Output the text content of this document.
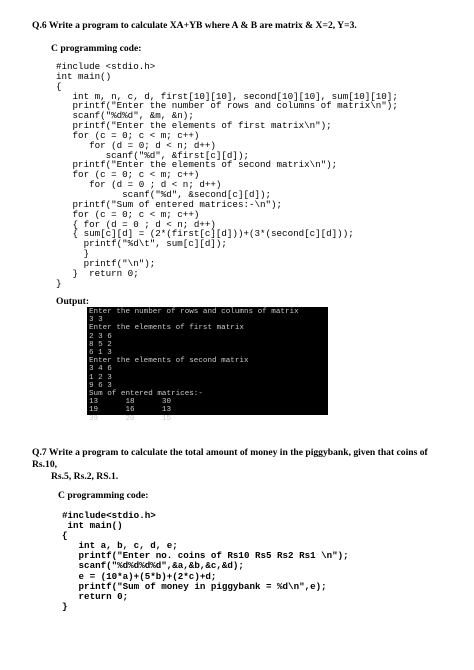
Q.6 Write a program to calculate XA+YB where A & B are matrix & X=2, Y=3.
C programming code:
#include <stdio.h>
int main()
{
int m, n, c, d, first[10][10], second[10][10], sum[10][10];
printf("Enter the number of rows and columns of matrix\n");
scanf("%d%d", &m, &n);
printf("Enter the elements of first matrix\n");
for (c = 0; c < m; c++)
for (d = 0; d < n; d++)
scanf("%d", &first[c][d]);
printf("Enter the elements of second matrix\n");
for (c = 0; c < m; c++)
for (d = 0 ; d < n; d++)
scanf("%d", &second[c][d]);
printf("Sum of entered matrices:-\n");
for (c = 0; c < m; c++)
{ for (d = 0 ; d < n; d++)
{ sum[c][d] = (2*(first[c][d]))+(3*(second[c][d]));
printf("%d\t", sum[c][d]);
}
printf("\n");
}  return 0;
}
Output:
Enter the number of rows and columns of matrix
3 3
Enter the elements of first matrix
2 3 6
8 5 2
6 1 3
Enter the elements of second matrix
3 4 6
1 2 3
9 6 3
Sum of entered matrices:-
13      18      30
19      16      13
39      20      15
Q.7 Write a program to calculate the total amount of money in the piggybank, given that coins of
Rs.10,
Rs.5, Rs.2, RS.1.
C programming code:
#include<stdio.h>
int main()
{
int a, b, c, d, e;
printf("Enter no. coins of Rs10 Rs5 Rs2 Rs1 \n");
scanf("%d%d%d%d",&a,&b,&c,&d);
e = (10*a)+(5*b)+(2*c)+d;
printf("Sum of money in piggybank = %d\n",e);
return 0;
}
